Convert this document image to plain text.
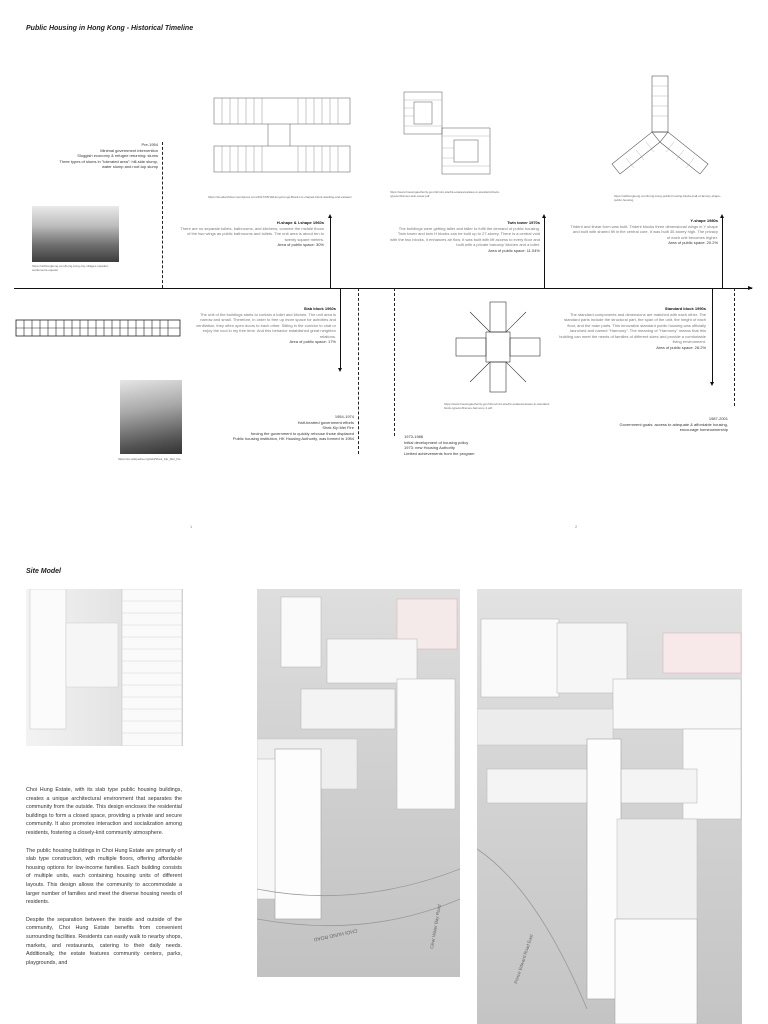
Public Housing in Hong Kong - Historical Timeline
https://cloudarchitect.wordpress.com/2017/05/19/Hong-Kongs-Block-H-I-shaped-block-dwelling-and-estates/
https://www.housingauthority.gov.hk/mini-site/hk-estates/estates-in-standard-block-type/en/frames-twin-tower.pdf	https://oldhongkong.com/hong-kong-public-housing-blocks-hall-of-fame/y-shape-public-housing
Pre-1954
Minimal government intervention
Sluggish economy & refugee returning: slums
Three types of slums in "tolerated area": hill-side slump,
water slump and roof-top slump
https://oldhongkong.com/hong-kong-city-villages-squatter-settlements-squats/
H-shape & I-shape 1960s
There are no separate toilets, bathrooms, and kitchens, connect the middle floors of the two wings as public bathrooms and toilets. The unit area is about ten to twenty square meters.
Area of public space: 30%
Twin tower 1970s
The buildings were getting taller and taller to fulfil the demand of public housing. Twin tower and twin H blocks can be built up to 27-storey. There is a central void with the two blocks, it enhances air flow. It was built with lift access to every floor and built with a private balcony/ kitchen and a toilet.
Area of public space: 11.04%
Y-shape 1980s
Trident and linear form was built. Trident blocks three dimensional wings in Y shape and built with shared lift in the central core. It was built 30-storey high. The privacy of each unit becomes higher.
Area of public space: 20.2%
Slab block 1960s
The unit of the buildings starts to contain a toilet and kitchen. The unit area is narrow and small. Therefore, in order to free up more space for activities and ventilation, they often open doors to each other. Sitting in the corridor to chat or enjoy the cool in my free time. And this behavior established great neighbor relations.
Area of public space: 17%
https://www.housingauthority.gov.hk/en/mini-site/hk-estates/estates-in-standard-block-type/en/frames-harmony-1.pdf
Standard block 1990s
The standard components and dimensions are matched with each other. The standard parts include the structural part, the span of the unit, the height of each floor, and the main parts. This innovative standard public housing was officially launched and named "Harmony". The meaning of "Harmony" means that this building can meet the needs of families of different sizes and provide a comfortable living environment.
Area of public space: 28.2%
https://en.wikipedia.org/wiki/Shek_Kip_Mei_fire
1954-1974
Half-hearted government efforts
Shek Kip Mei Fire
forcing the government to quickly rehouse those displaced
Public housing institution, HK Housing Authority, was formed in 1954	1973-1986
Initial development of housing policy
1973: new Housing Authority
Limited achievements from the program
1987-2001
Government goals: access to adequate & affordable housing,
encourage homeownership
1	2
Site Model

Choi Hung Estate, with its slab type public housing buildings, creates a unique architectural environment that separates the community from the outside. This design encloses the residential buildings to form a closed space, providing a private and secure community. It also promotes interaction and socialization among residents, fostering a closely-knit community atmosphere.

The public housing buildings in Choi Hung Estate are primarily of slab type construction, with multiple floors, offering affordable housing options for low-income families. Each building consists of multiple units, each containing housing units of different layouts. This design allows the community to accommodate a larger number of families and meet the diverse housing needs of residents.

Despite the separation between the inside and outside of the community, Choi Hung Estate benefits from convenient surrounding facilities. Residents can easily walk to nearby shops, markets, and restaurants, catering to their daily needs. Additionally, the estate features community centers, parks, playgrounds, and

CHOI HUNG ROAD	Clear Water Bay Road
Prince Edward Road East
